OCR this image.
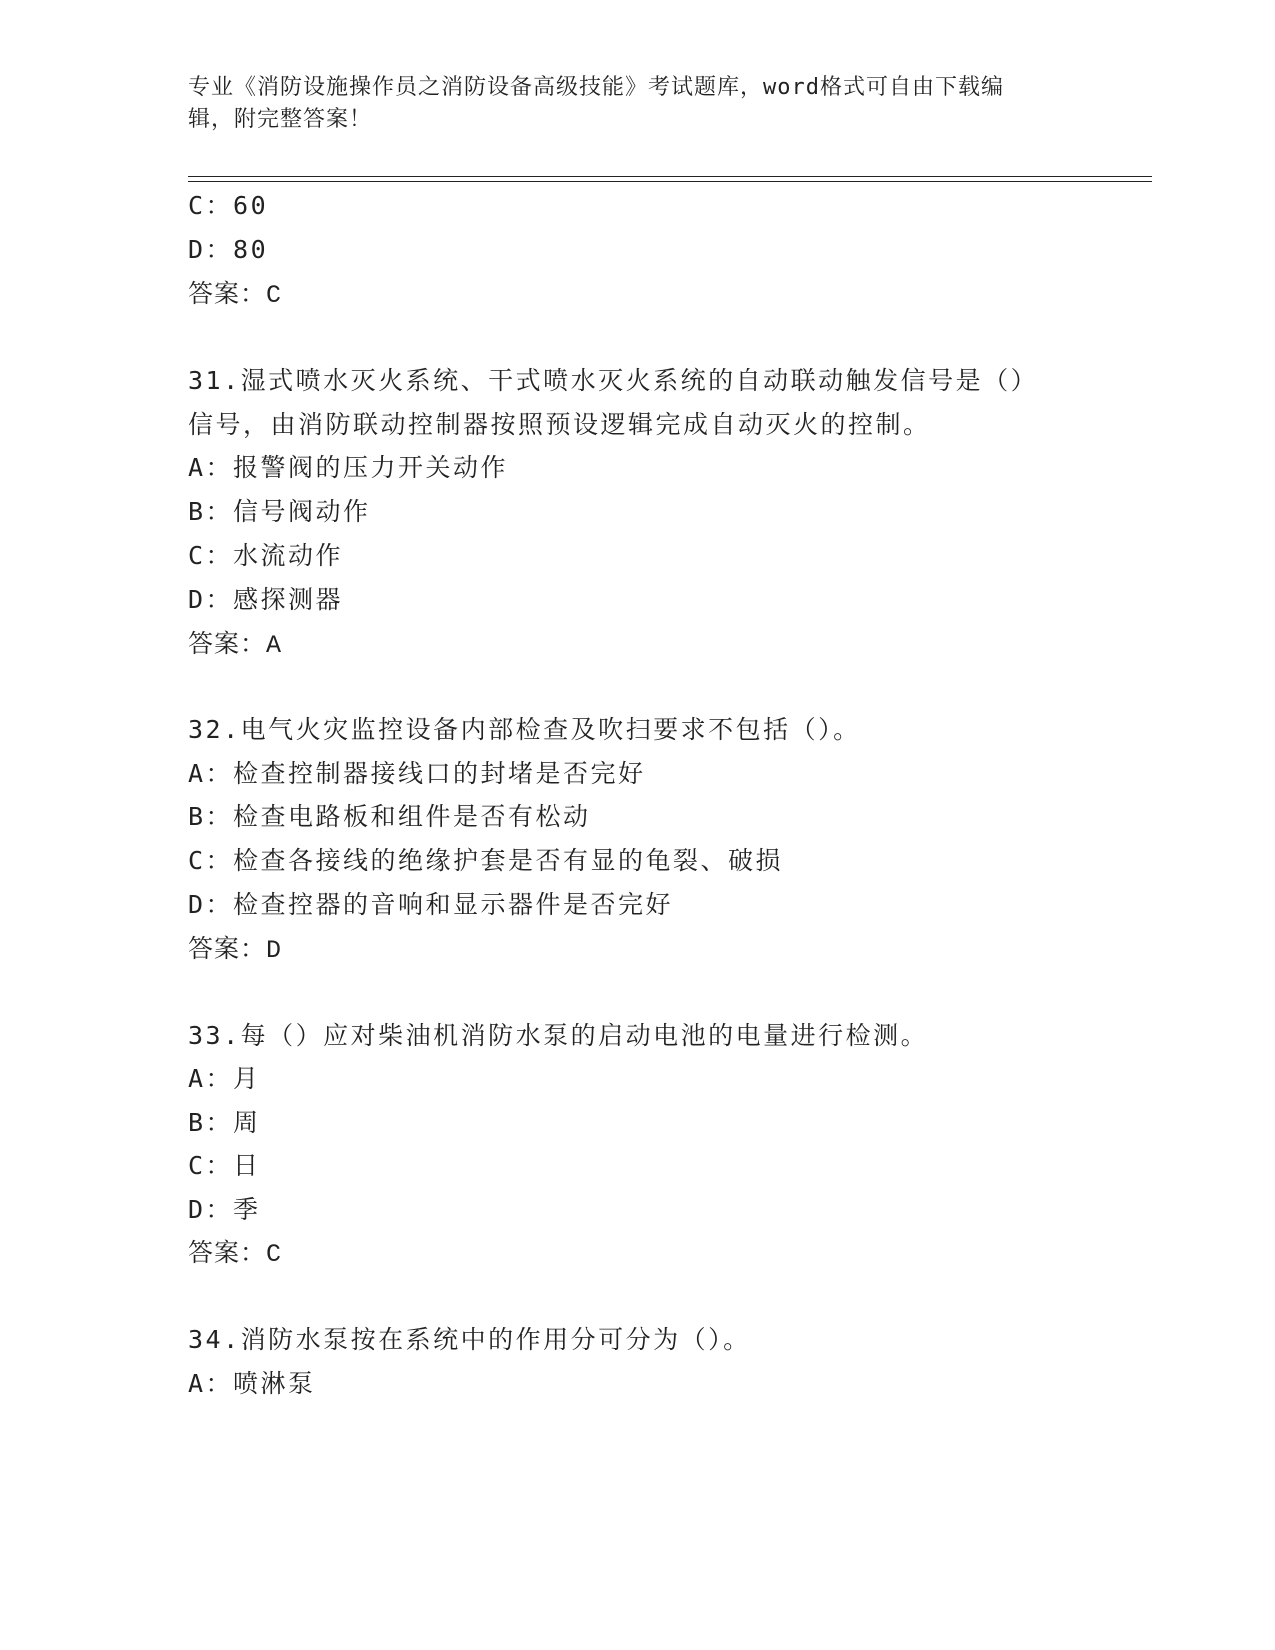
专业《消防设施操作员之消防设备高级技能》考试题库，word格式可自由下载编
辑，附完整答案！
C：60
D：80
答案：C
31.湿式喷水灭火系统、干式喷水灭火系统的自动联动触发信号是（）
信号，由消防联动控制器按照预设逻辑完成自动灭火的控制。
A：报警阀的压力开关动作
B：信号阀动作
C：水流动作
D：感探测器
答案：A
32.电气火灾监控设备内部检查及吹扫要求不包括（）。
A：检查控制器接线口的封堵是否完好
B：检查电路板和组件是否有松动
C：检查各接线的绝缘护套是否有显的龟裂、破损
D：检查控器的音响和显示器件是否完好
答案：D
33.每（）应对柴油机消防水泵的启动电池的电量进行检测。
A：月
B：周
C：日
D：季
答案：C
34.消防水泵按在系统中的作用分可分为（）。
A：喷淋泵
